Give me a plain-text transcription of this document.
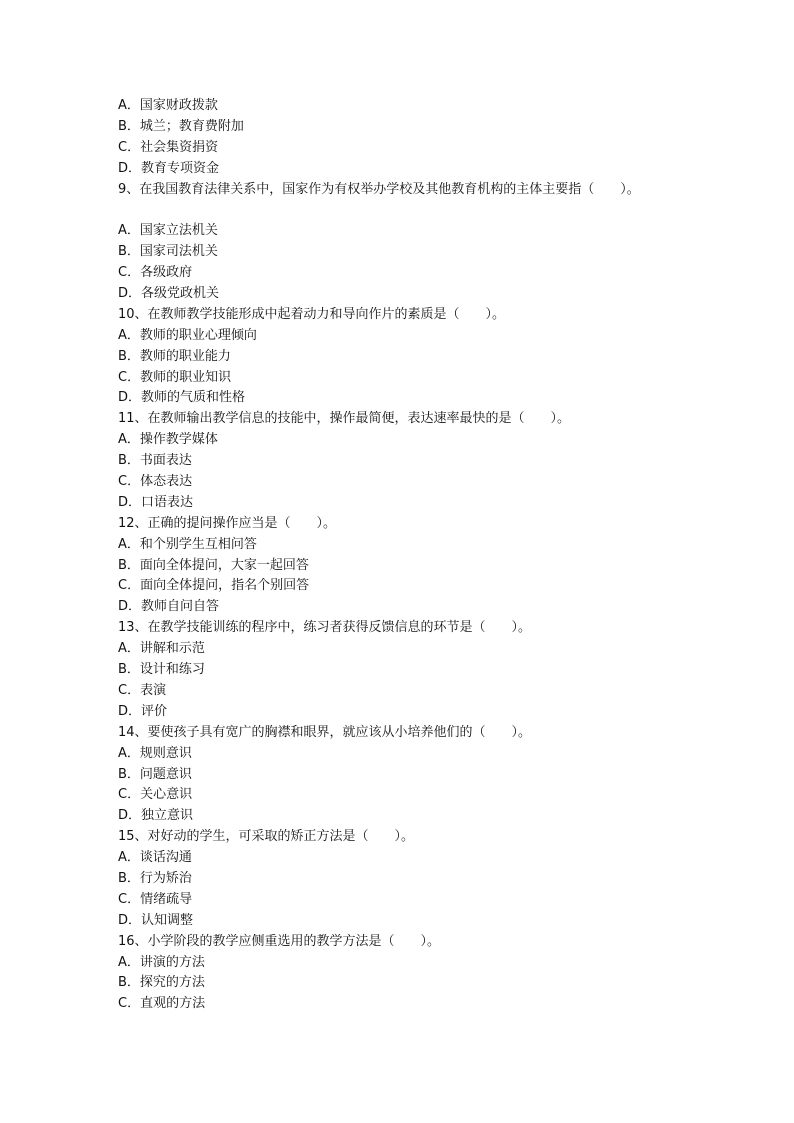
A．国家财政拨款
B．城兰；教育费附加
C．社会集资捐资
D．教育专项资金
9、在我国教育法律关系中，国家作为有权举办学校及其他教育机构的主体主要指（　　）。
A．国家立法机关
B．国家司法机关
C．各级政府
D．各级党政机关
10、在教师教学技能形成中起着动力和导向作片的素质是（　　）。
A．教师的职业心理倾向
B．教师的职业能力
C．教师的职业知识
D．教师的气质和性格
11、在教师输出教学信息的技能中，操作最简便，表达速率最快的是（　　）。
A．操作教学媒体
B．书面表达
C．体态表达
D．口语表达
12、正确的提问操作应当是（　　）。
A．和个别学生互相问答
B．面向全体提问，大家一起回答
C．面向全体提问，指名个别回答
D．教师自问自答
13、在教学技能训练的程序中，练习者获得反馈信息的环节是（　　）。
A．讲解和示范
B．设计和练习
C．表演
D．评价
14、要使孩子具有宽广的胸襟和眼界，就应该从小培养他们的（　　）。
A．规则意识
B．问题意识
C．关心意识
D．独立意识
15、对好动的学生，可采取的矫正方法是（　　）。
A．谈话沟通
B．行为矫治
C．情绪疏导
D．认知调整
16、小学阶段的教学应侧重选用的教学方法是（　　）。
A．讲演的方法
B．探究的方法
C．直观的方法
